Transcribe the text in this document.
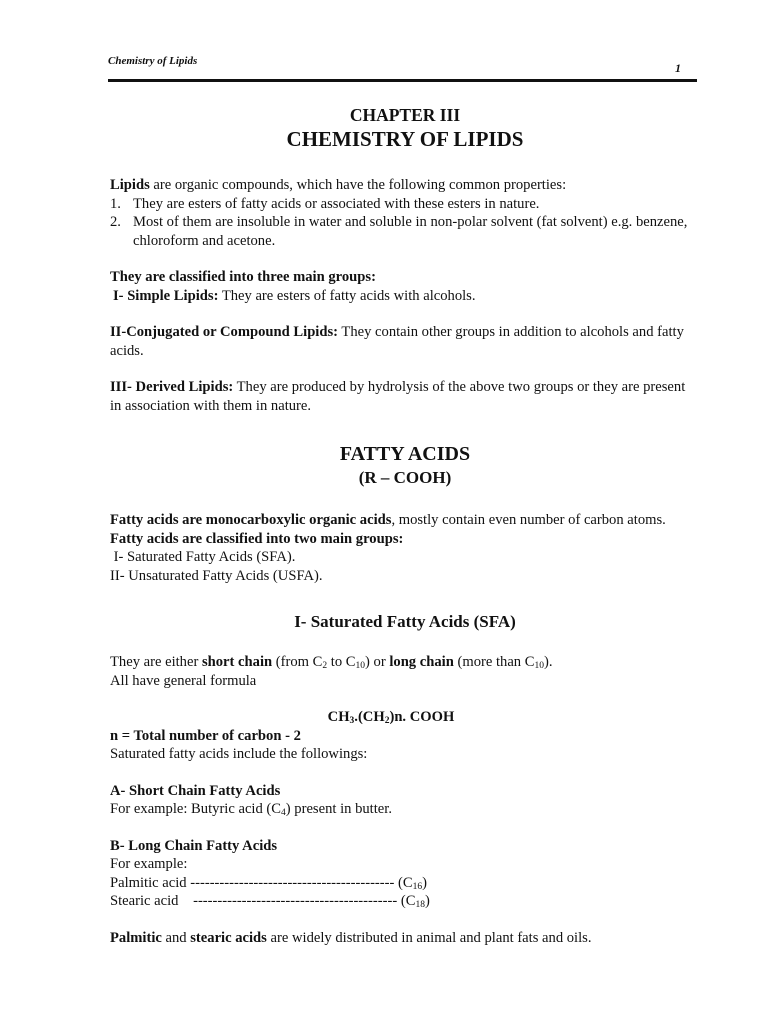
Chemistry of Lipids	1
CHAPTER III
CHEMISTRY OF LIPIDS

Lipids are organic compounds, which have the following common properties:

1. They are esters of fatty acids or associated with these esters in nature.
2. Most of them are insoluble in water and soluble in non-polar solvent (fat solvent) e.g. benzene, chloroform and acetone.

They are classified into three main groups:

I- Simple Lipids: They are esters of fatty acids with alcohols.

II-Conjugated or Compound Lipids: They contain other groups in addition to alcohols and fatty acids.

III- Derived Lipids: They are produced by hydrolysis of the above two groups or they are present in association with them in nature.

FATTY ACIDS
(R – COOH)

Fatty acids are monocarboxylic organic acids, mostly contain even number of carbon atoms.

Fatty acids are classified into two main groups:

I- Saturated Fatty Acids (SFA).

II- Unsaturated Fatty Acids (USFA).

I- Saturated Fatty Acids (SFA)

They are either short chain (from $C_2$ to $C_{10}$) or long chain (more than $C_{10}$).

All have general formula

$CH_3.(CH_2)n$. COOH

n = Total number of carbon - 2

Saturated fatty acids include the followings:

A- Short Chain Fatty Acids

For example: Butyric acid $(C_4)$ present in butter.

B- Long Chain Fatty Acids

For example:

Palmitic acid ------------------------------------------ $(C_{16})$

Stearic acid    ------------------------------------------ $(C_{18})$

Palmitic and stearic acids are widely distributed in animal and plant fats and oils.
